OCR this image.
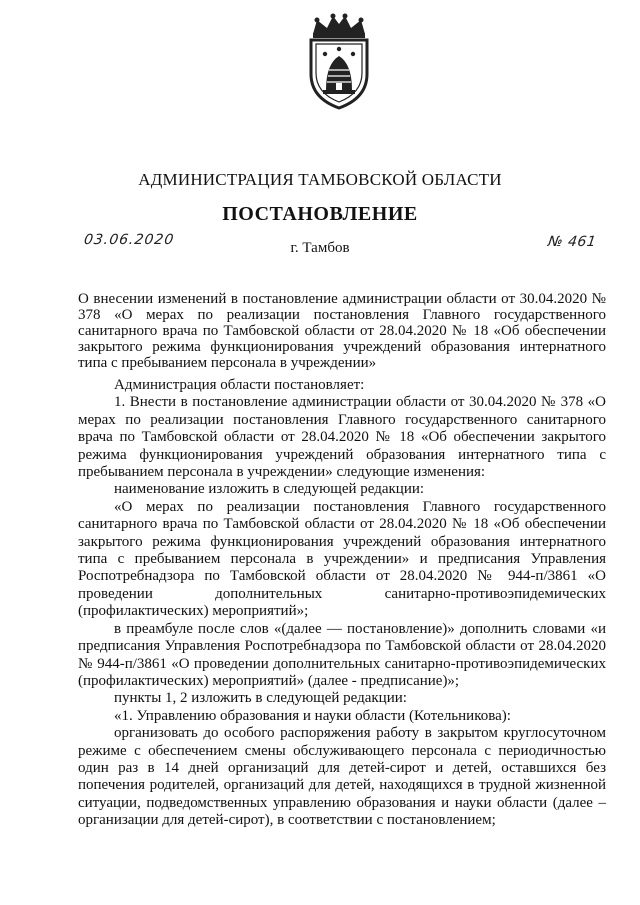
АДМИНИСТРАЦИЯ ТАМБОВСКОЙ ОБЛАСТИ
ПОСТАНОВЛЕНИЕ
03.06.2020	г. Тамбов	№ 461
О внесении изменений в постановление администрации области от 30.04.2020 № 378 «О мерах по реализации постановления Главного государственного санитарного врача по Тамбовской области от 28.04.2020 № 18 «Об обеспечении закрытого режима функционирования учреждений образования интернатного типа с пребыванием персонала в учреждении»

Администрация области постановляет:

1. Внести в постановление администрации области от 30.04.2020 № 378 «О мерах по реализации постановления Главного государственного санитарного врача по Тамбовской области от 28.04.2020 № 18 «Об обеспечении закрытого режима функционирования учреждений образования интернатного типа с пребыванием персонала в учреждении» следующие изменения:

наименование изложить в следующей редакции:

«О мерах по реализации постановления Главного государственного санитарного врача по Тамбовской области от 28.04.2020 № 18 «Об обеспечении закрытого режима функционирования учреждений образования интернатного типа с пребыванием персонала в учреждении» и предписания Управления Роспотребнадзора по Тамбовской области от 28.04.2020 № 944-п/3861 «О проведении дополнительных санитарно-противоэпидемических (профилактических) мероприятий»;

в преамбуле после слов «(далее — постановление)» дополнить словами «и предписания Управления Роспотребнадзора по Тамбовской области от 28.04.2020 № 944-п/3861 «О проведении дополнительных санитарно-противоэпидемических (профилактических) мероприятий» (далее - предписание)»;

пункты 1, 2 изложить в следующей редакции:

«1. Управлению образования и науки области (Котельникова):

организовать до особого распоряжения работу в закрытом круглосуточном режиме с обеспечением смены обслуживающего персонала с периодичностью один раз в 14 дней организаций для детей-сирот и детей, оставшихся без попечения родителей, организаций для детей, находящихся в трудной жизненной ситуации, подведомственных управлению образования и науки области (далее – организации для детей-сирот), в соответствии с постановлением;
